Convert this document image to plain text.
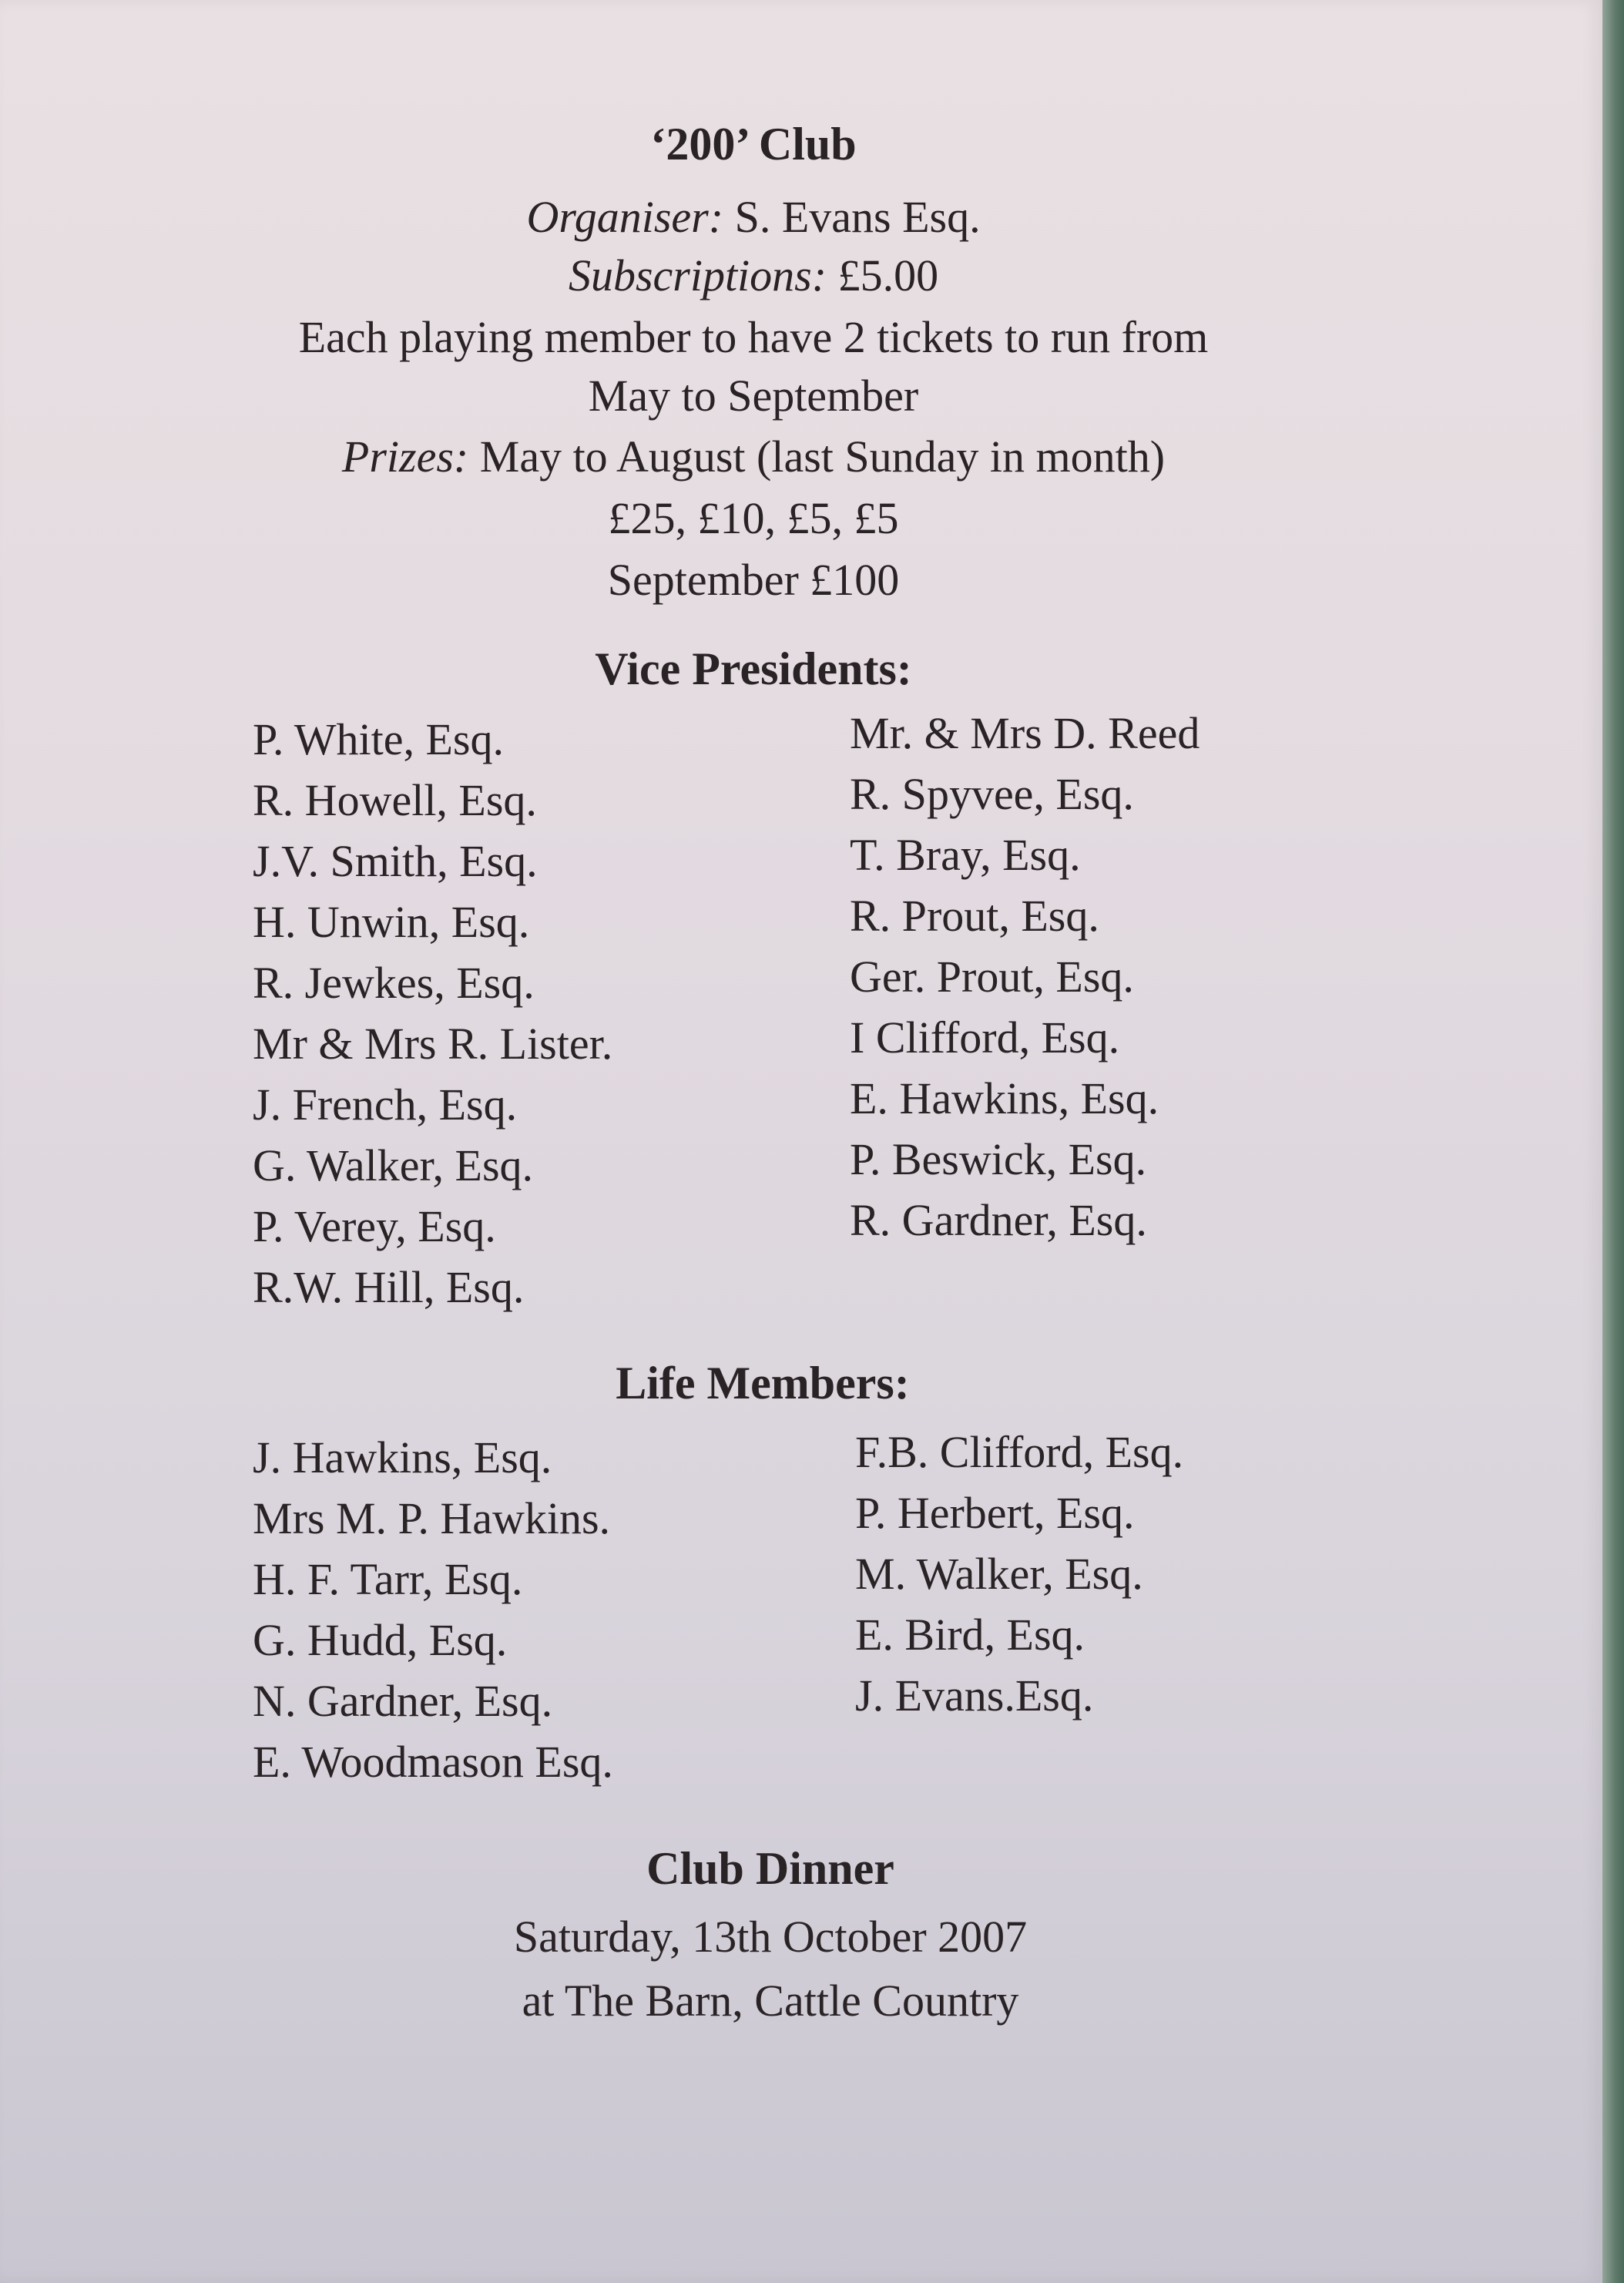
‘200’ Club
Organiser: S. Evans Esq.
Subscriptions: £5.00
Each playing member to have 2 tickets to run from
May to September
Prizes: May to August (last Sunday in month)
£25, £10, £5, £5
September £100
Vice Presidents:
P. White, Esq.
R. Howell, Esq.
J.V. Smith, Esq.
H. Unwin, Esq.
R. Jewkes, Esq.
Mr & Mrs R. Lister.
J. French, Esq.
G. Walker, Esq.
P. Verey, Esq.
R.W. Hill, Esq.
Mr. & Mrs D. Reed
R. Spyvee, Esq.
T. Bray, Esq.
R. Prout, Esq.
Ger. Prout, Esq.
I Clifford, Esq.
E. Hawkins, Esq.
P. Beswick, Esq.
R. Gardner, Esq.
Life Members:
J. Hawkins, Esq.
Mrs M. P. Hawkins.
H. F. Tarr, Esq.
G. Hudd, Esq.
N. Gardner, Esq.
E. Woodmason Esq.
F.B. Clifford, Esq.
P. Herbert, Esq.
M. Walker, Esq.
E. Bird, Esq.
J. Evans.Esq.
Club Dinner
Saturday, 13th October 2007
at The Barn, Cattle Country
